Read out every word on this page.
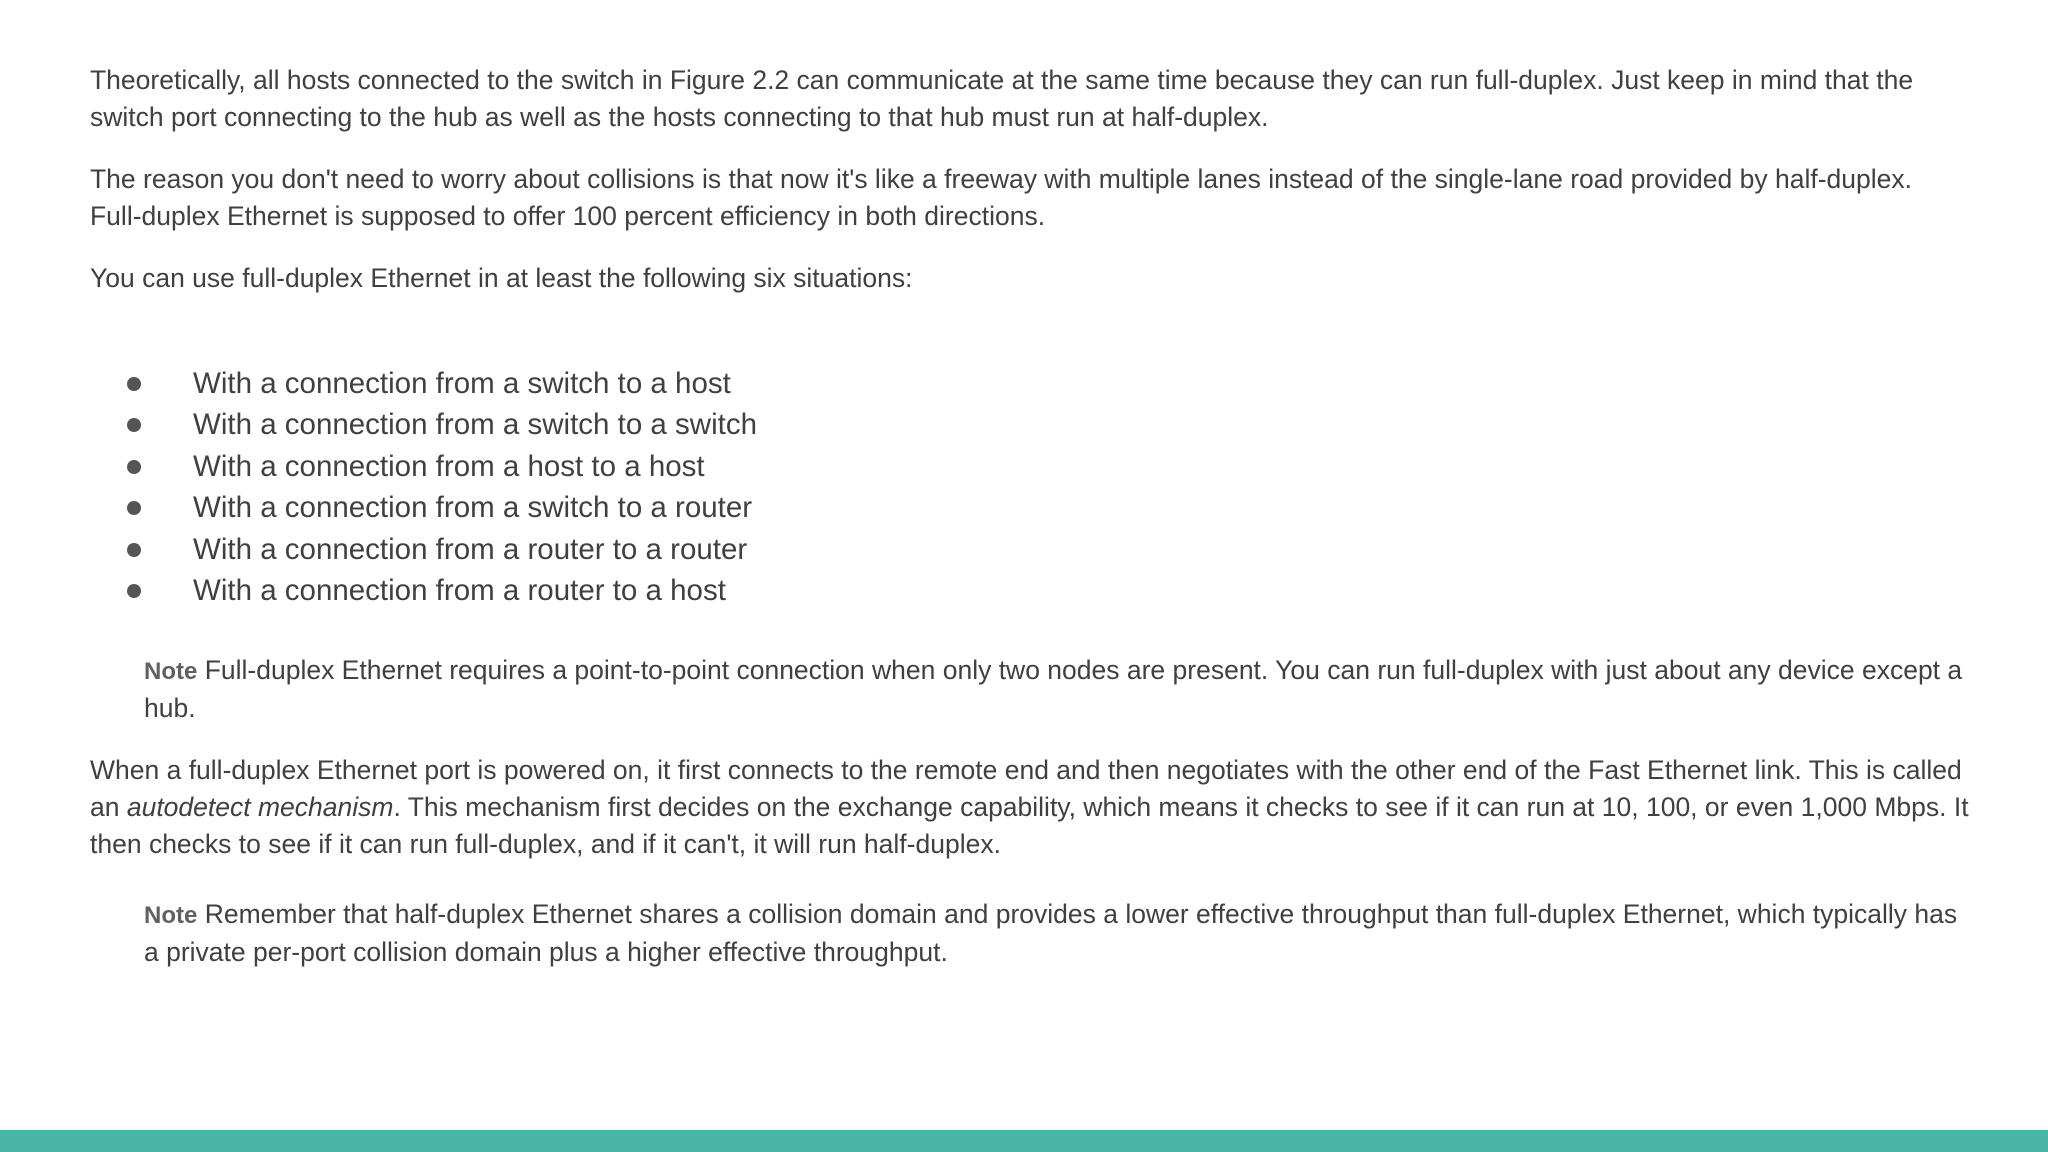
Theoretically, all hosts connected to the switch in Figure 2.2 can communicate at the same time because they can run full-duplex. Just keep in mind that the switch port connecting to the hub as well as the hosts connecting to that hub must run at half-duplex.

The reason you don't need to worry about collisions is that now it's like a freeway with multiple lanes instead of the single-lane road provided by half-duplex. Full-duplex Ethernet is supposed to offer 100 percent efficiency in both directions.

You can use full-duplex Ethernet in at least the following six situations:

With a connection from a switch to a host
With a connection from a switch to a switch
With a connection from a host to a host
With a connection from a switch to a router
With a connection from a router to a router
With a connection from a router to a host
Note Full-duplex Ethernet requires a point-to-point connection when only two nodes are present. You can run full-duplex with just about any device except a hub.

When a full-duplex Ethernet port is powered on, it first connects to the remote end and then negotiates with the other end of the Fast Ethernet link. This is called an autodetect mechanism. This mechanism first decides on the exchange capability, which means it checks to see if it can run at 10, 100, or even 1,000 Mbps. It then checks to see if it can run full-duplex, and if it can't, it will run half-duplex.

Note Remember that half-duplex Ethernet shares a collision domain and provides a lower effective throughput than full-duplex Ethernet, which typically has a private per-port collision domain plus a higher effective throughput.
